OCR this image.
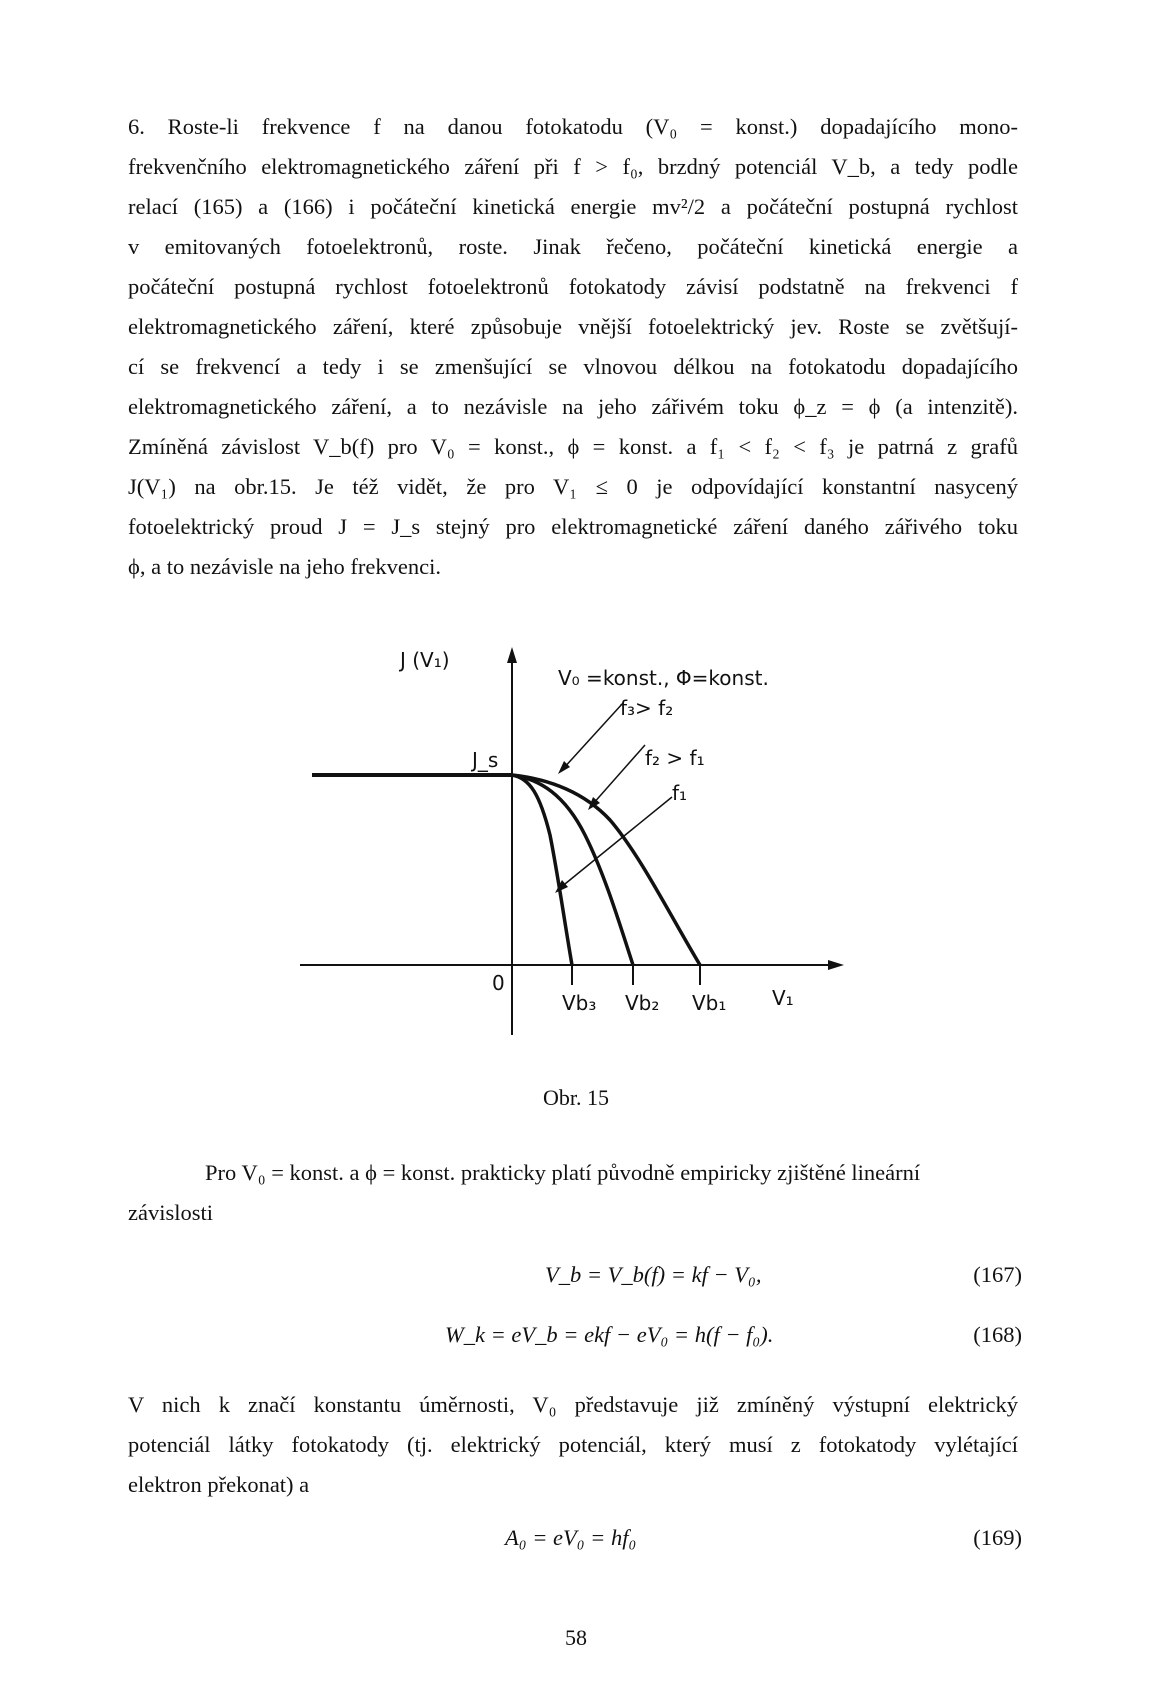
6. Roste-li frekvence f na danou fotokatodu (V₀ = konst.) dopadajícího mono-
frekvenčního elektromagnetického záření při f > f₀, brzdný potenciál V_b, a tedy podle
relací (165) a (166) i počáteční kinetická energie mv²/2 a počáteční postupná rychlost
v emitovaných fotoelektronů, roste. Jinak řečeno, počáteční kinetická energie a
počáteční postupná rychlost fotoelektronů fotokatody závisí podstatně na frekvenci f
elektromagnetického záření, které způsobuje vnější fotoelektrický jev. Roste se zvětšují-
cí se frekvencí a tedy i se zmenšující se vlnovou délkou na fotokatodu dopadajícího
elektromagnetického záření, a to nezávisle na jeho zářivém toku ϕ_z = ϕ (a intenzitě).
Zmíněná závislost V_b(f) pro V₀ = konst., ϕ = konst. a f₁ < f₂ < f₃ je patrná z grafů
J(V₁) na obr.15. Je též vidět, že pro V₁ ≤ 0 je odpovídající konstantní nasycený
fotoelektrický proud J = J_s stejný pro elektromagnetické záření daného zářivého toku
ϕ, a to nezávisle na jeho frekvenci.
J (V₁)
J_s
V₀ =konst., Φ=konst.
f₃> f₂
f₂ > f₁
f₁
0
Vb₃ Vb₂ Vb₁ V₁
Obr. 15
Pro V₀ = konst. a ϕ = konst. prakticky platí původně empiricky zjištěné lineární
závislosti
V_b = V_b(f) = kf − V₀,	(167)
W_k = eV_b = ekf − eV₀ = h(f − f₀).	(168)
V nich k značí konstantu úměrnosti, V₀ představuje již zmíněný výstupní elektrický
potenciál látky fotokatody (tj. elektrický potenciál, který musí z fotokatody vylétající
elektron překonat) a
A₀ = eV₀ = hf₀	(169)
58
